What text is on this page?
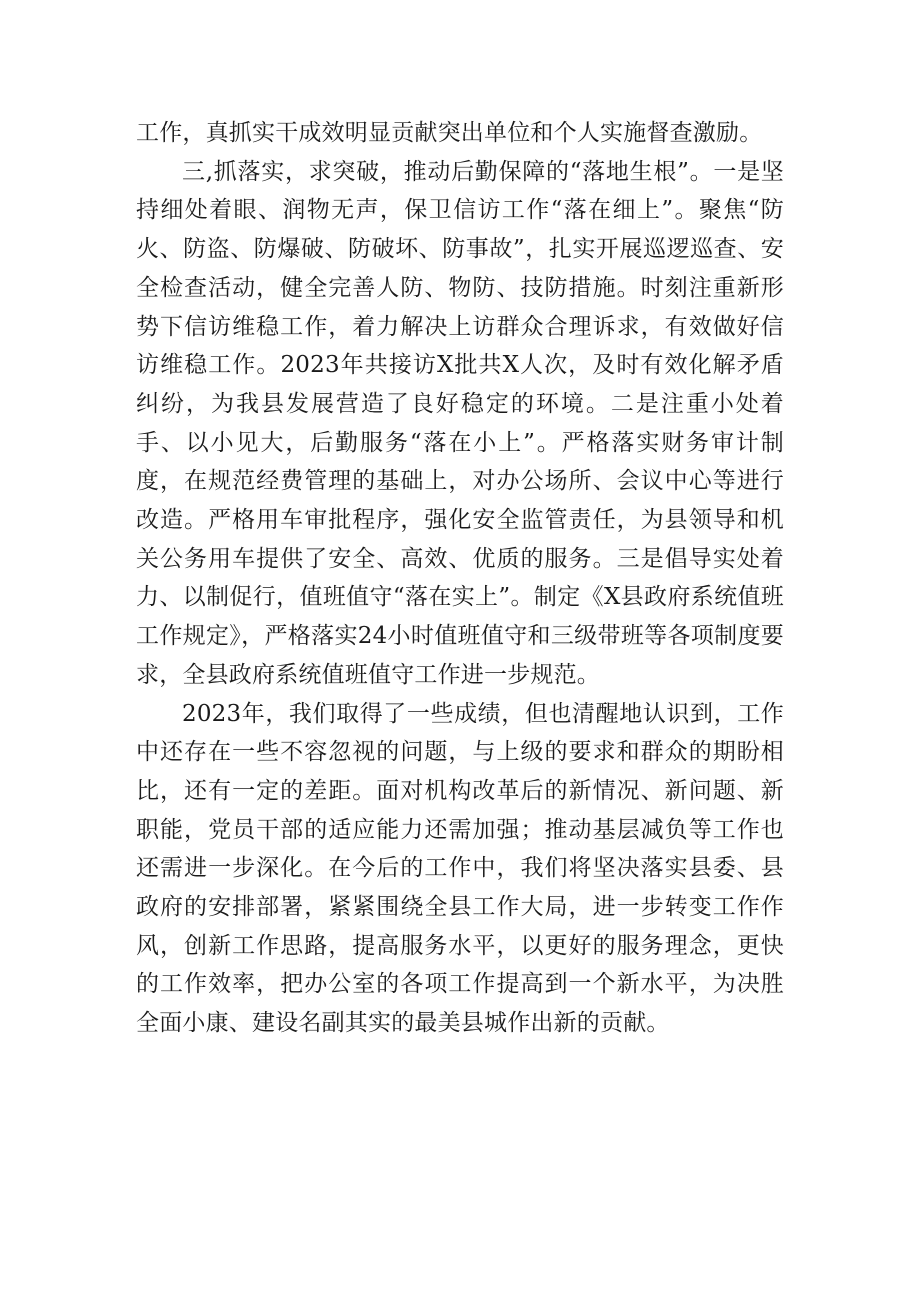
工作，真抓实干成效明显贡献突出单位和个人实施督查激励。

三,抓落实，求突破，推动后勤保障的“落地生根”。一是坚持细处着眼、润物无声，保卫信访工作“落在细上”。聚焦“防火、防盗、防爆破、防破坏、防事故”，扎实开展巡逻巡查、安全检查活动，健全完善人防、物防、技防措施。时刻注重新形势下信访维稳工作，着力解决上访群众合理诉求，有效做好信访维稳工作。2023年共接访X批共X人次，及时有效化解矛盾纠纷，为我县发展营造了良好稳定的环境。二是注重小处着手、以小见大，后勤服务“落在小上”。严格落实财务审计制度，在规范经费管理的基础上，对办公场所、会议中心等进行改造。严格用车审批程序，强化安全监管责任，为县领导和机关公务用车提供了安全、高效、优质的服务。三是倡导实处着力、以制促行，值班值守“落在实上”。制定《X县政府系统值班工作规定》，严格落实24小时值班值守和三级带班等各项制度要求，全县政府系统值班值守工作进一步规范。

2023年，我们取得了一些成绩，但也清醒地认识到，工作中还存在一些不容忽视的问题，与上级的要求和群众的期盼相比，还有一定的差距。面对机构改革后的新情况、新问题、新职能，党员干部的适应能力还需加强；推动基层减负等工作也还需进一步深化。在今后的工作中，我们将坚决落实县委、县政府的安排部署，紧紧围绕全县工作大局，进一步转变工作作风，创新工作思路，提高服务水平，以更好的服务理念，更快的工作效率，把办公室的各项工作提高到一个新水平，为决胜全面小康、建设名副其实的最美县城作出新的贡献。
